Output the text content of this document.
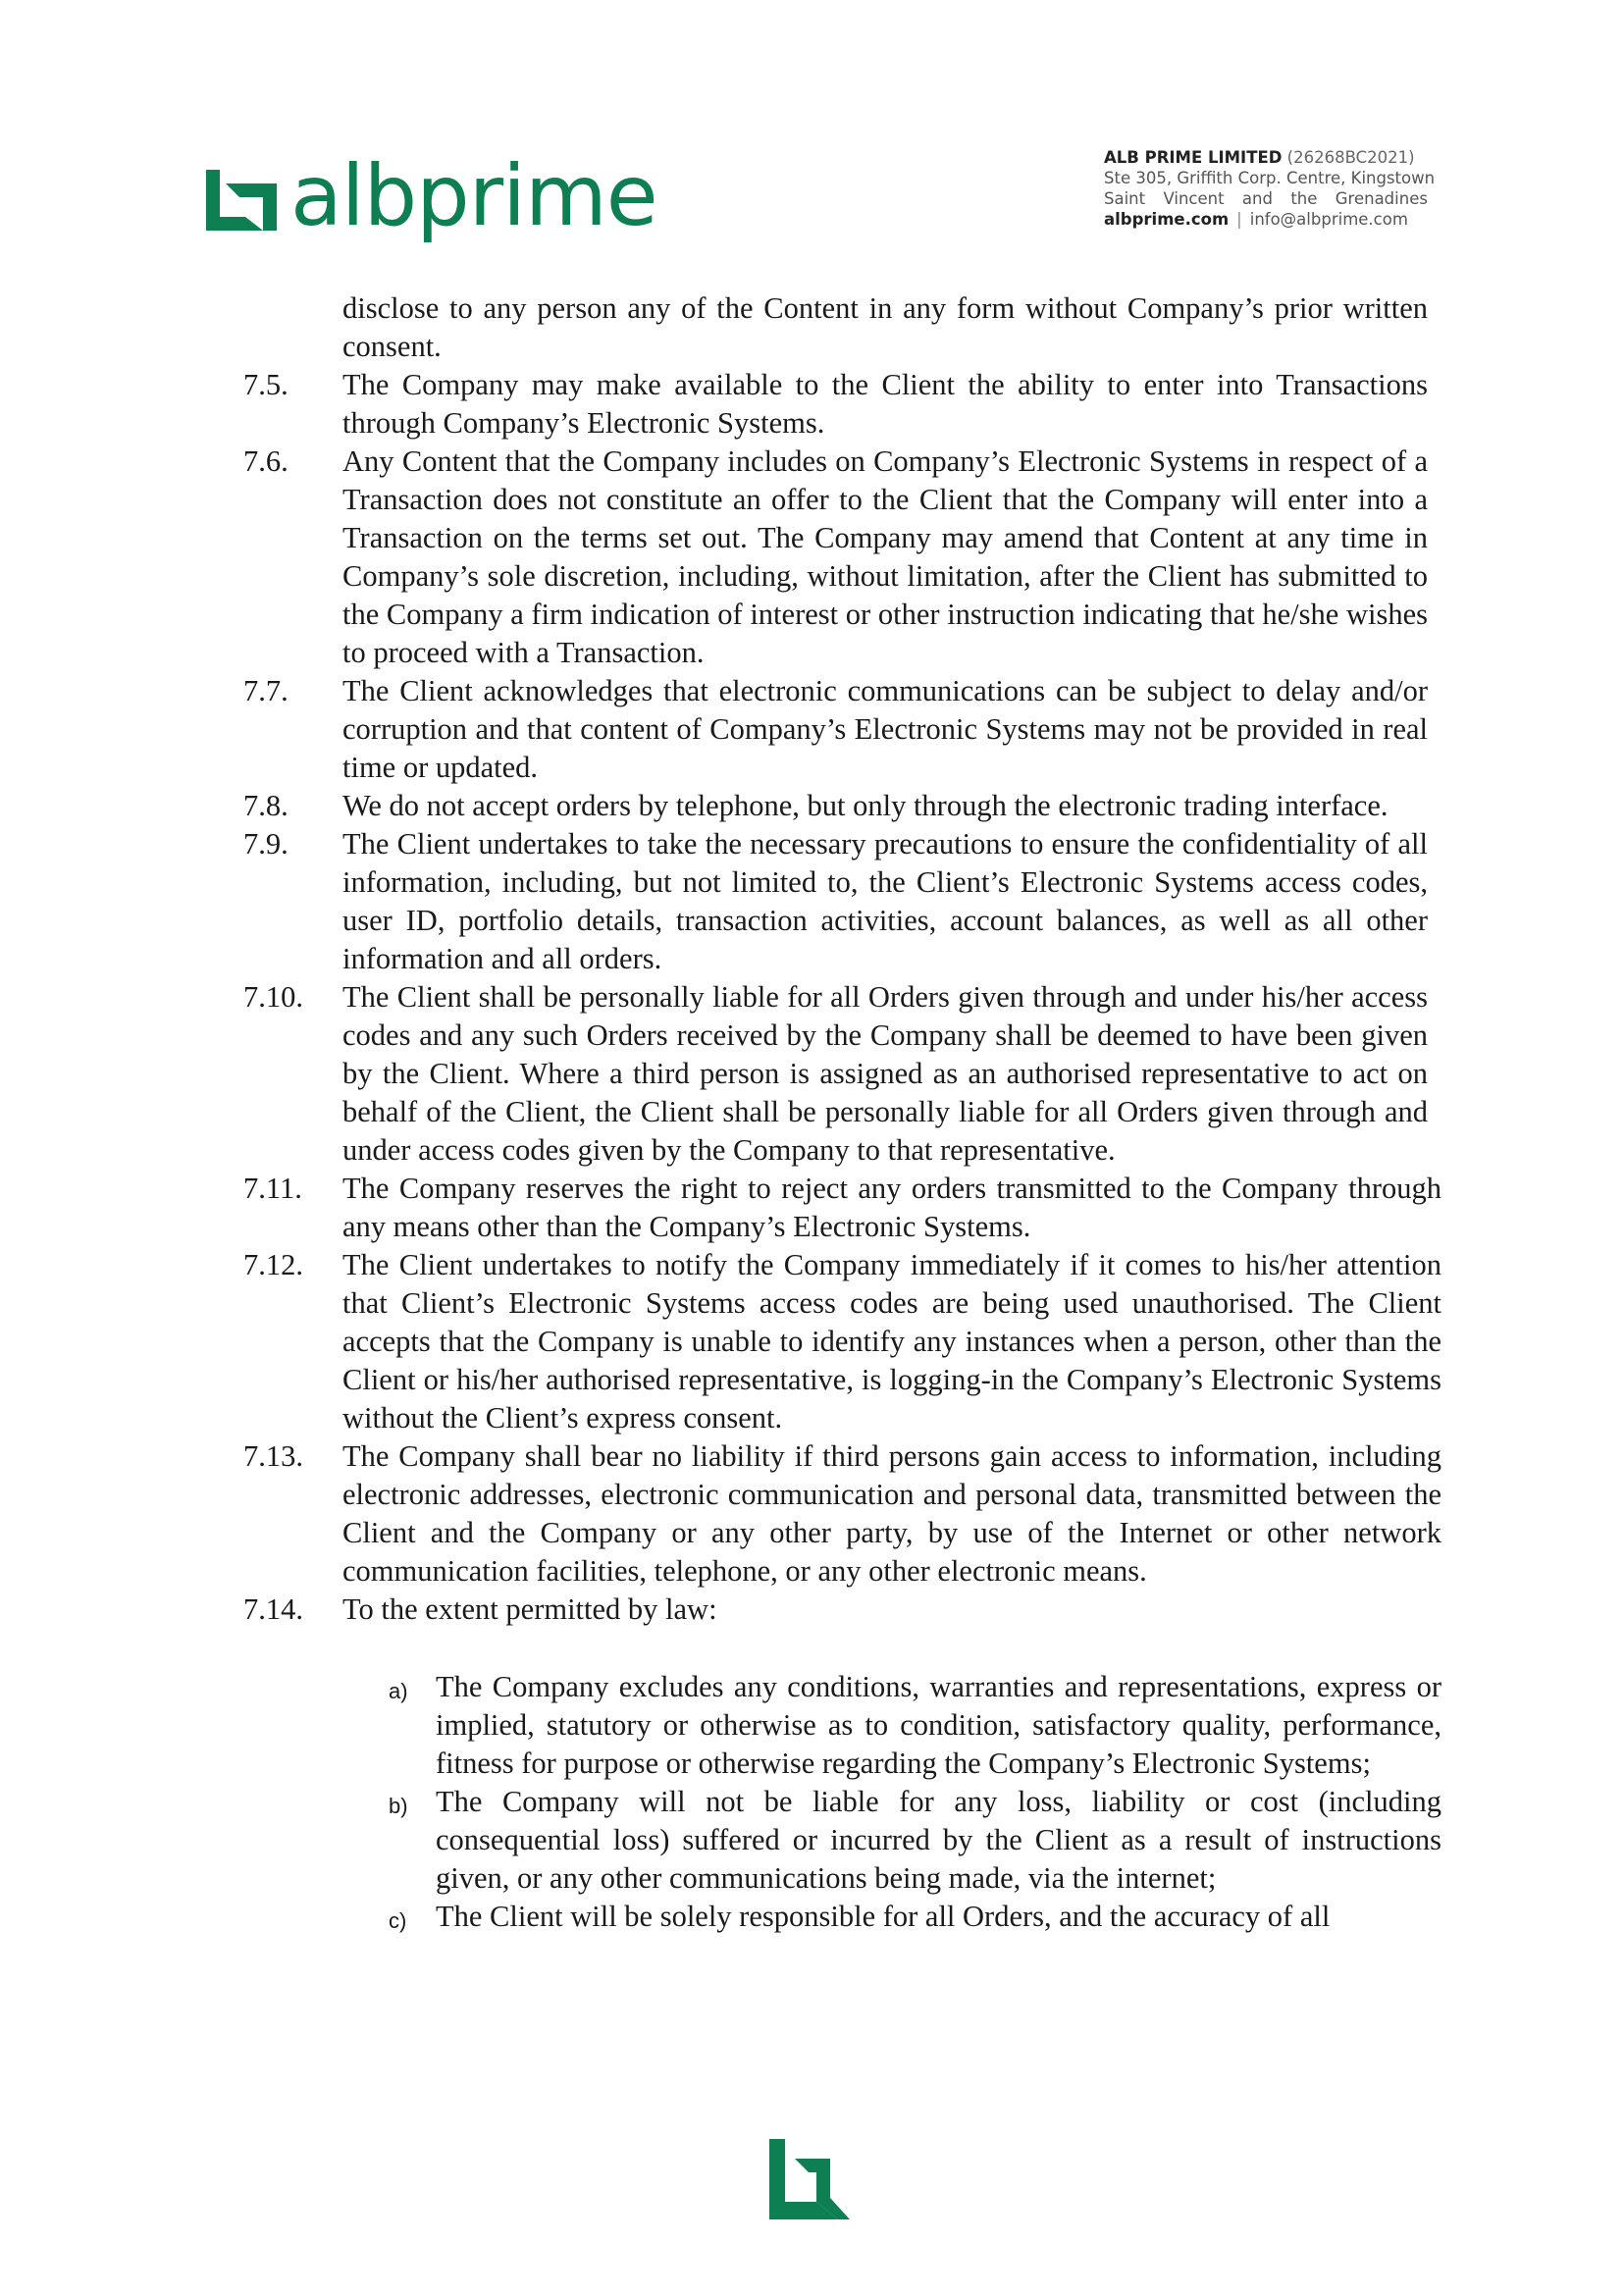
albprime	ALB PRIME LIMITED (26268BC2021)
Ste 305, Griffith Corp. Centre, Kingstown
Saint Vincent and the Grenadines
albprime.com | info@albprime.com
disclose to any person any of the Content in any form without Company’s prior written consent.
7.5. The Company may make available to the Client the ability to enter into Transactions through Company’s Electronic Systems.
7.6. Any Content that the Company includes on Company’s Electronic Systems in respect of a Transaction does not constitute an offer to the Client that the Company will enter into a Transaction on the terms set out. The Company may amend that Content at any time in Company’s sole discretion, including, without limitation, after the Client has submitted to the Company a firm indication of interest or other instruction indicating that he/she wishes to proceed with a Transaction.
7.7. The Client acknowledges that electronic communications can be subject to delay and/or corruption and that content of Company’s Electronic Systems may not be provided in real time or updated.
7.8. We do not accept orders by telephone, but only through the electronic trading interface.
7.9. The Client undertakes to take the necessary precautions to ensure the confidentiality of all information, including, but not limited to, the Client’s Electronic Systems access codes, user ID, portfolio details, transaction activities, account balances, as well as all other information and all orders.
7.10. The Client shall be personally liable for all Orders given through and under his/her access codes and any such Orders received by the Company shall be deemed to have been given by the Client. Where a third person is assigned as an authorised representative to act on behalf of the Client, the Client shall be personally liable for all Orders given through and under access codes given by the Company to that representative.
7.11. The Company reserves the right to reject any orders transmitted to the Company through any means other than the Company’s Electronic Systems.
7.12. The Client undertakes to notify the Company immediately if it comes to his/her attention that Client’s Electronic Systems access codes are being used unauthorised. The Client accepts that the Company is unable to identify any instances when a person, other than the Client or his/her authorised representative, is logging-in the Company’s Electronic Systems without the Client’s express consent.
7.13. The Company shall bear no liability if third persons gain access to information, including electronic addresses, electronic communication and personal data, transmitted between the Client and the Company or any other party, by use of the Internet or other network communication facilities, telephone, or any other electronic means.
7.14. To the extent permitted by law:
a) The Company excludes any conditions, warranties and representations, express or implied, statutory or otherwise as to condition, satisfactory quality, performance, fitness for purpose or otherwise regarding the Company’s Electronic Systems;
b) The Company will not be liable for any loss, liability or cost (including consequential loss) suffered or incurred by the Client as a result of instructions given, or any other communications being made, via the internet;
c) The Client will be solely responsible for all Orders, and the accuracy of all
